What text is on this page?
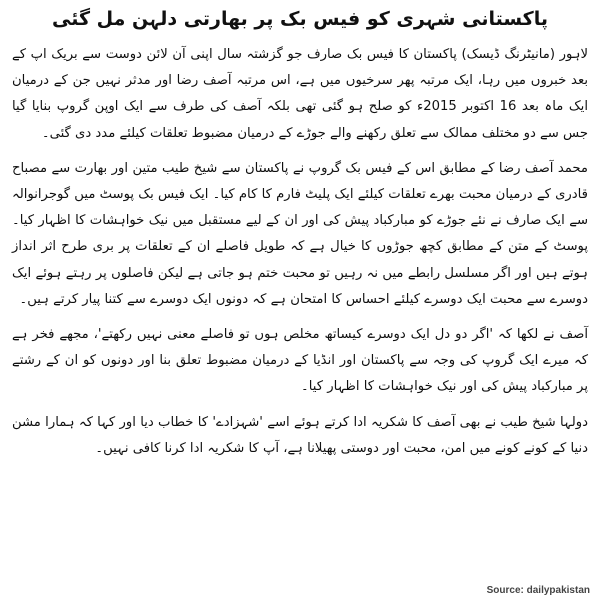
پاکستانی شہری کو فیس بک پر بھارتی دلہن مل گئی

لاہور (مانیٹرنگ ڈیسک) پاکستان کا فیس بک صارف جو گزشتہ سال اپنی آن لائن دوست سے بریک اپ کے بعد خبروں میں رہا، ایک مرتبہ پھر سرخیوں میں ہے، اس مرتبہ آصف رضا اور مدثر نہیں جن کے درمیان ایک ماہ بعد 16 اکتوبر 2015ء کو صلح ہو گئی تھی بلکہ آصف کی طرف سے ایک اوپن گروپ بنایا گیا جس سے دو مختلف ممالک سے تعلق رکھنے والے جوڑے کے درمیان مضبوط تعلقات کیلئے مدد دی گئی۔

محمد آصف رضا کے مطابق اس کے فیس بک گروپ نے پاکستان سے شیخ طیب متین اور بھارت سے مصباح قادری کے درمیان محبت بھرے تعلقات کیلئے ایک پلیٹ فارم کا کام کیا۔ ایک فیس بک پوسٹ میں گوجرانوالہ سے ایک صارف نے نئے جوڑے کو مبارکباد پیش کی اور ان کے لیے مستقبل میں نیک خواہشات کا اظہار کیا۔ پوسٹ کے متن کے مطابق کچھ جوڑوں کا خیال ہے کہ طویل فاصلے ان کے تعلقات پر بری طرح اثر انداز ہوتے ہیں اور اگر مسلسل رابطے میں نہ رہیں تو محبت ختم ہو جاتی ہے لیکن فاصلوں پر رہتے ہوئے ایک دوسرے سے محبت ایک دوسرے کیلئے احساس کا امتحان ہے کہ دونوں ایک دوسرے سے کتنا پیار کرتے ہیں۔

آصف نے لکھا کہ 'اگر دو دل ایک دوسرے کیساتھ مخلص ہوں تو فاصلے معنی نہیں رکھتے'، مجھے فخر ہے کہ میرے ایک گروپ کی وجہ سے پاکستان اور انڈیا کے درمیان مضبوط تعلق بنا اور دونوں کو ان کے رشتے پر مبارکباد پیش کی اور نیک خواہشات کا اظہار کیا۔

دولہا شیخ طیب نے بھی آصف کا شکریہ ادا کرتے ہوئے اسے 'شہزادے' کا خطاب دیا اور کہا کہ ہمارا مشن دنیا کے کونے کونے میں امن، محبت اور دوستی پھیلانا ہے، آپ کا شکریہ ادا کرنا کافی نہیں۔

Source: dailypakistan
